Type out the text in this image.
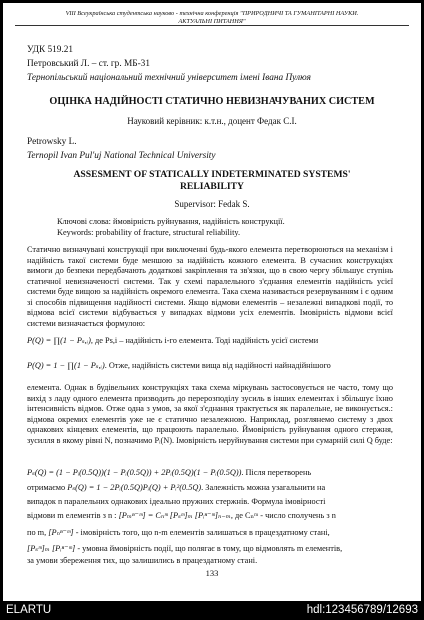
VIII Всеукраїнська студентська науково - технічна конференція "ПРИРОДНИЧІ ТА ГУМАНІТАРНІ НАУКИ.
АКТУАЛЬНІ ПИТАННЯ"
УДК 519.21
Петровський Л. – ст. гр. МБ-31
Тернопільський національний технічний університет імені Івана Пулюя
ОЦІНКА НАДІЙНОСТІ СТАТИЧНО НЕВИЗНАЧУВАНИХ СИСТЕМ
Науковий керівник: к.т.н., доцент Федак С.І.
Petrowsky L.
Ternopil Ivan Pul'uj National Technical University
ASSESMENT OF STATICALLY INDETERMINATED SYSTEMS'
RELIABILITY
Supervisor: Fedak S.
Ключові слова: ймовірність руйнування, надійність конструкції.
Keywords: probability of fracture, structural reliability.

Статично визначувані конструкції при виключенні будь-якого елемента перетворюються на механізм і надійність такої системи буде меншою за надійність кожного елемента. В сучасних конструкціях вимоги до безпеки передбачають додаткові закріплення та зв'язки, що в свою чергу збільшує ступінь статичної невизначеності системи. Так у схемі паралельного з'єднання елементів надійність усієї системи буде вищою за надійність окремого елемента. Така схема називається резервуванням і є одним зі способів підвищення надійності системи. Якщо відмови елементів – незалежні випадкові події, то відмова всієї системи відбувається у випадках відмови усіх елементів. Імовірність відмови всієї системи визначається формулою:

P(Q) = ∏(1 − Pₛ,ᵢ), де Ps,i – надійність і-го елемента. Тоді надійність усієї системи
P(Q) = 1 − ∏(1 − Pₛ,ᵢ). Отже, надійність системи вища від надійності найнадійнішого

елемента. Однак в будівельних конструкціях така схема міркувань застосовується не часто, тому що вихід з ладу одного елемента призводить до перерозподілу зусиль в інших елементах і збільшує їхню інтенсивність відмов. Отже одна з умов, за якої з'єднання трактується як паралельне, не виконується.: відмова окремих елементів уже не є статично незалежною. Наприклад, розглянемо систему з двох однакових кінцевих елементів, що працюють паралельно. Ймовірність руйнування одного стержня, зусилля в якому рівні N, позначимо Pᵢ(N). Імовірність неруйнування системи при сумарній силі Q буде:

Pₛ(Q) = (1 − Pᵢ(0.5Q))(1 − Pᵢ(0.5Q)) + 2Pᵢ(0.5Q)(1 − Pᵢ(0.5Q)). Після перетворень
отримаємо Pₛ(Q) = 1 − 2Pᵢ(0.5Q)Pᵢ(Q) + Pᵢ²(0.5Q). Залежність можна узагальнити на
випадок n паралельних однакових ідеально пружних стержнів. Формула імовірності
відмови m елементів з n : [Pₘⁿ⁻ᵐ] = Cₙᵐ [Pₛᵐ]ₘ [Pᵢⁿ⁻ᵐ]ₙ₋ₘ, де Cₙᵐ - число сполучень з n
по m, [Pₙⁿ⁻ᵐ] - імовірність того, що n-m елементів залишаться в працездатному стані,
[Pₛᵐ]ₘ [Pᵢⁿ⁻ᵐ] - умовна ймовірність події, що полягає в тому, що відмовлять m елементів,
за умови збереження тих, що залишились в працездатному стані.
133
ELARTU	hdl:123456789/12693
